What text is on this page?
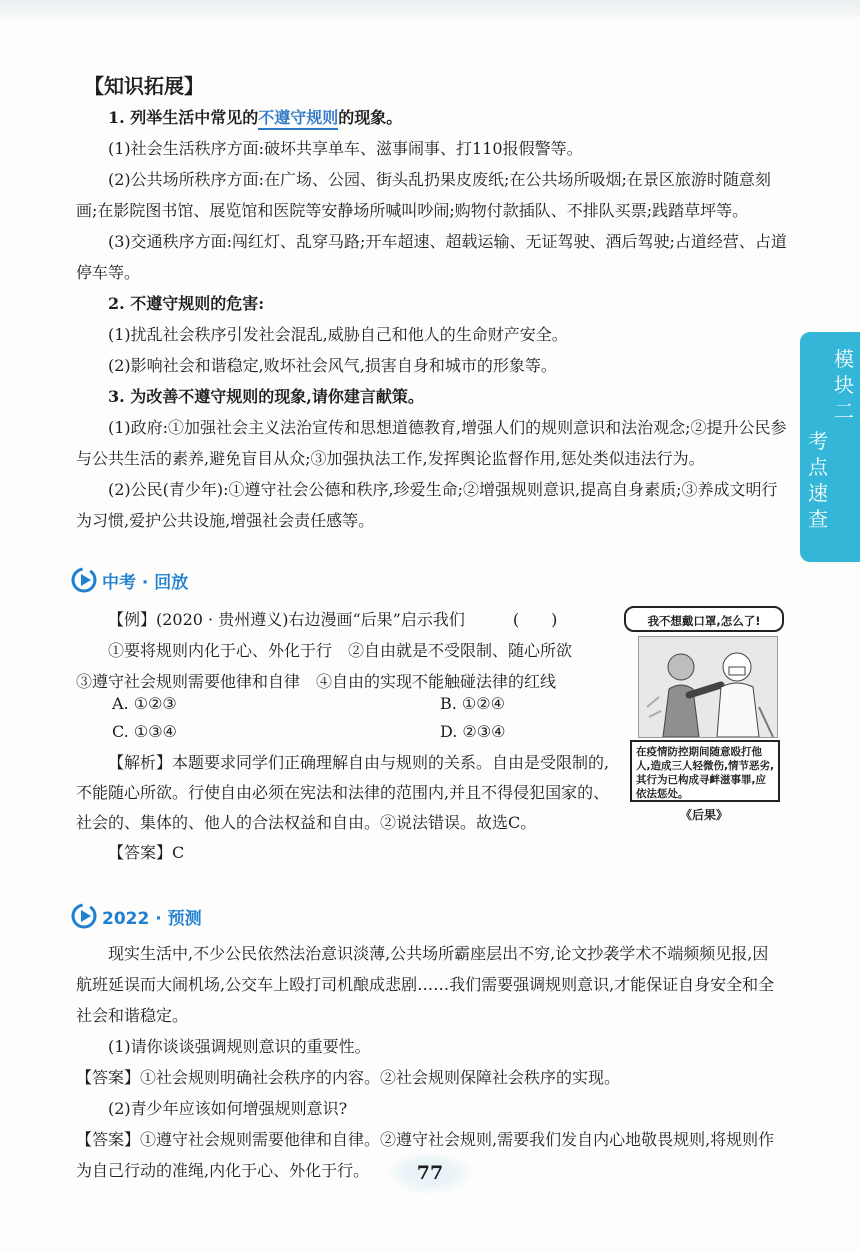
【知识拓展】

1. 列举生活中常见的不遵守规则的现象。

(1)社会生活秩序方面:破坏共享单车、滋事闹事、打110报假警等。

(2)公共场所秩序方面:在广场、公园、街头乱扔果皮废纸;在公共场所吸烟;在景区旅游时随意刻画;在影院图书馆、展览馆和医院等安静场所喊叫吵闹;购物付款插队、不排队买票;践踏草坪等。

(3)交通秩序方面:闯红灯、乱穿马路;开车超速、超载运输、无证驾驶、酒后驾驶;占道经营、占道停车等。

2. 不遵守规则的危害:

(1)扰乱社会秩序引发社会混乱,威胁自己和他人的生命财产安全。

(2)影响社会和谐稳定,败坏社会风气,损害自身和城市的形象等。

3. 为改善不遵守规则的现象,请你建言献策。

(1)政府:①加强社会主义法治宣传和思想道德教育,增强人们的规则意识和法治观念;②提升公民参与公共生活的素养,避免盲目从众;③加强执法工作,发挥舆论监督作用,惩处类似违法行为。

(2)公民(青少年):①遵守社会公德和秩序,珍爱生命;②增强规则意识,提高自身素质;③养成文明行为习惯,爱护公共设施,增强社会责任感等。

模
块
二
考
点
速
查
中考 · 回放

【例】(2020 · 贵州遵义)右边漫画“后果”启示我们　　　(　　)

①要将规则内化于心、外化于行　②自由就是不受限制、随心所欲

③遵守社会规则需要他律和自律　④自由的实现不能触碰法律的红线

A. ①②③	B. ①②④
C. ①③④	D. ②③④

【解析】本题要求同学们正确理解自由与规则的关系。自由是受限制的,不能随心所欲。行使自由必须在宪法和法律的范围内,并且不得侵犯国家的、社会的、集体的、他人的合法权益和自由。②说法错误。故选C。

【答案】C

我不想戴口罩,怎么了!
在疫情防控期间随意殴打他人,造成三人轻微伤,情节恶劣,其行为已构成寻衅滋事罪,应依法惩处。
《后果》
2022 · 预测

现实生活中,不少公民依然法治意识淡薄,公共场所霸座层出不穷,论文抄袭学术不端频频见报,因航班延误而大闹机场,公交车上殴打司机酿成悲剧……我们需要强调规则意识,才能保证自身安全和全社会和谐稳定。

(1)请你谈谈强调规则意识的重要性。

【答案】①社会规则明确社会秩序的内容。②社会规则保障社会秩序的实现。

(2)青少年应该如何增强规则意识?

【答案】①遵守社会规则需要他律和自律。②遵守社会规则,需要我们发自内心地敬畏规则,将规则作为自己行动的准绳,内化于心、外化于行。	77
